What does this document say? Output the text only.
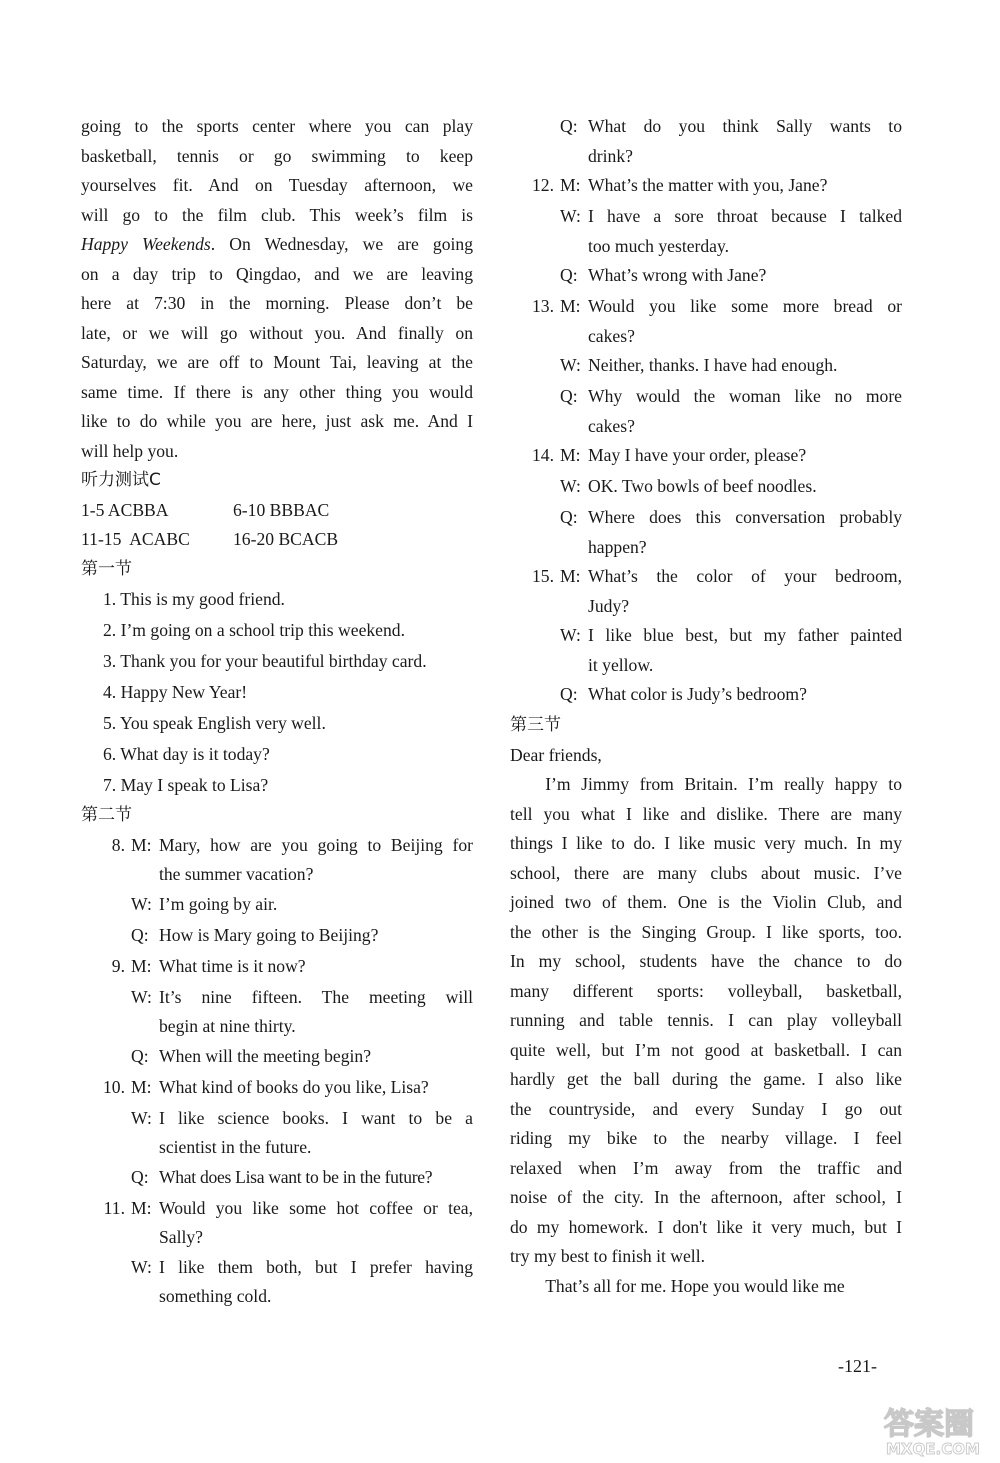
going to the sports center where you can play
basketball, tennis or go swimming to keep
yourselves fit. And on Tuesday afternoon, we
will go to the film club. This week’s film is
Happy Weekends. On Wednesday, we are going
on a day trip to Qingdao, and we are leaving
here at 7:30 in the morning. Please don’t be
late, or we will go without you. And finally on
Saturday, we are off to Mount Tai, leaving at the
same time. If there is any other thing you would
like to do while you are here, just ask me. And I
will help you.
听力测试C
1-5 ACBBA	6-10 BBBAC
11-15  ACABC 16-20 BCACB
第一节
1. This is my good friend.
2. I’m going on a school trip this weekend.
3. Thank you for your beautiful birthday card.
4. Happy New Year!
5. You speak English very well.
6. What day is it today?
7. May I speak to Lisa?
第二节
8. M: Mary, how are you going to Beijing for
the summer vacation?
W: I’m going by air.
Q: How is Mary going to Beijing?
9. M: What time is it now?
W: It’s nine fifteen. The meeting will
begin at nine thirty.
Q: When will the meeting begin?
10. M: What kind of books do you like, Lisa?
W: I like science books. I want to be a
scientist in the future.
Q: What does Lisa want to be in the future?
11. M: Would you like some hot coffee or tea,
Sally?
W: I like them both, but I prefer having
something cold.
Q: What do you think Sally wants to
drink?
12. M: What’s the matter with you, Jane?
W: I have a sore throat because I talked
too much yesterday.
Q: What’s wrong with Jane?
13. M: Would you like some more bread or
cakes?
W: Neither, thanks. I have had enough.
Q: Why would the woman like no more
cakes?
14. M: May I have your order, please?
W: OK. Two bowls of beef noodles.
Q: Where does this conversation probably
happen?
15. M: What’s the color of your bedroom,
Judy?
W: I like blue best, but my father painted
it yellow.
Q: What color is Judy’s bedroom?
第三节
Dear friends,
I’m Jimmy from Britain. I’m really happy to
tell you what I like and dislike. There are many
things I like to do. I like music very much. In my
school, there are many clubs about music. I’ve
joined two of them. One is the Violin Club, and
the other is the Singing Group. I like sports, too.
In my school, students have the chance to do
many different sports: volleyball, basketball,
running and table tennis. I can play volleyball
quite well, but I’m not good at basketball. I can
hardly get the ball during the game. I also like
the countryside, and every Sunday I go out
riding my bike to the nearby village. I feel
relaxed when I’m away from the traffic and
noise of the city. In the afternoon, after school, I
do my homework. I don't like it very much, but I
try my best to finish it well.
That’s all for me. Hope you would like me
-121-
答案圈
MXQE.COM
